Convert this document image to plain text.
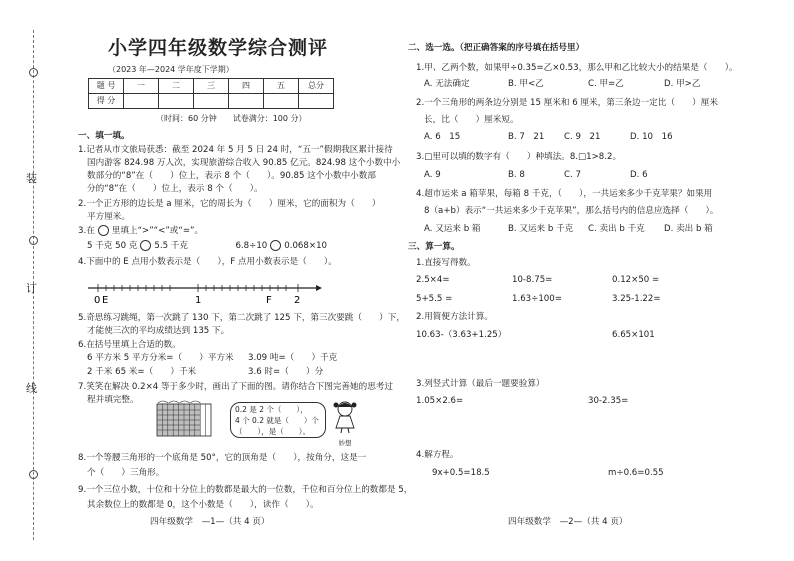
装
订
线
小学四年级数学综合测评
（2023 年—2024 学年度下学期）
题 号	一	二	三	四	五	总分
得 分						
（时间：60 分钟　　试卷满分：100 分）
一、填一填。
1.记者从市文旅局获悉：截至 2024 年 5 月 5 日 24 时，“五一”假期我区累计接待
国内游客 824.98 万人次，实现旅游综合收入 90.85 亿元。824.98 这个小数中小
数部分的“8”在（　　）位上，表示 8 个（　　）。90.85 这个小数中小数部
分的“8”在（　　）位上，表示 8 个（　　）。
2.一个正方形的边长是 a 厘米，它的周长为（　　）厘米，它的面积为（　　）
平方厘米。
3.在 里填上“>”“<”或“=”。
5 千克 50 克 5.5 千克	6.8÷10 0.068×10
4.下面中的 E 点用小数表示是（　　），F 点用小数表示是（　　）。
0 E	1	F 2
5.奇思练习跳绳，第一次跳了 130 下，第二次跳了 125 下，第三次要跳（　　）下，
才能使三次的平均成绩达到 135 下。
6.在括号里填上合适的数。
6 平方米 5 平方分米=（　　）平方米 3.09 吨=（　　）千克
2 千米 65 米=（　　）千米	3.6 时=（　　）分
7.笑笑在解决 0.2×4 等于多少时，画出了下面的图。请你结合下图完善她的思考过
程并填完整。
0.2 是 2 个（　　），
4 个 0.2 就是（　　）个
（　　），是（　　）。
妙想
8.一个等腰三角形的一个底角是 50°，它的顶角是（　　），按角分，这是一
个（　　）三角形。
9.一个三位小数，十位和十分位上的数都是最大的一位数，千位和百分位上的数都是 5，
其余数位上的数都是 0，这个小数是（　　），读作（　　）。
四年级数学　—1—（共 4 页）
二、选一选。（把正确答案的序号填在括号里）
1.甲、乙两个数，如果甲÷0.35=乙×0.53，那么甲和乙比较大小的结果是（　　）。
A. 无法确定	B. 甲<乙	C. 甲=乙	D. 甲>乙
2.一个三角形的两条边分别是 15 厘米和 6 厘米，第三条边一定比（　　）厘米
长，比（　　）厘米短。
A. 6　15	B. 7　21 C. 9　21	D. 10　16
3.□里可以填的数字有（　　）种填法。8.□1>8.2。
A. 9	B. 8	C. 7	D. 6
4.超市运来 a 箱苹果，每箱 8 千克，（　　），一共运来多少千克苹果？如果用
8（a+b）表示“一共运来多少千克苹果”，那么括号内的信息应选择（　　）。
A. 又运来 b 箱	B. 又运来 b 千克 C. 卖出 b 千克 D. 卖出 b 箱
三、算一算。
1.直接写得数。
2.5×4=	10-8.75=	0.12×50 =
5+5.5 =	1.63÷100=	3.25-1.22=
2.用简便方法计算。
10.63-（3.63+1.25）	6.65×101
3.列竖式计算（最后一题要验算）
1.05×2.6=	30-2.35=
4.解方程。
9x+0.5=18.5	m÷0.6=0.55
四年级数学　—2—（共 4 页）
